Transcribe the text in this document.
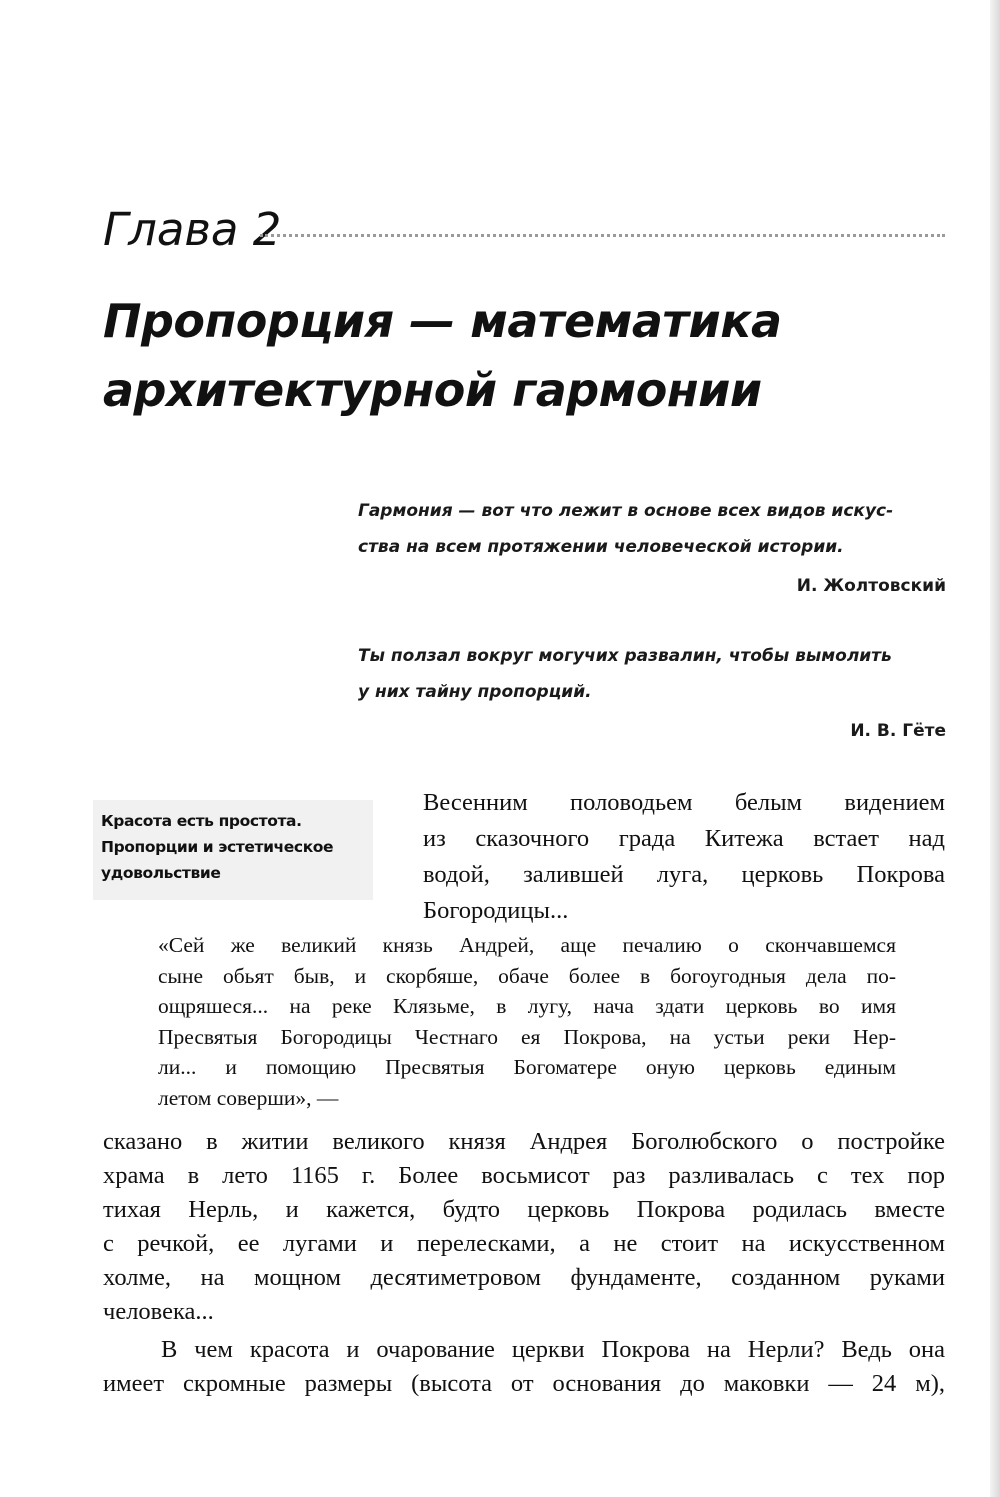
Глава 2
Пропорция — математика
архитектурной гармонии

Гармония — вот что лежит в основе всех видов искус-
ства на всем протяжении человеческой истории.

И. Жолтовский

Ты ползал вокруг могучих развалин, чтобы вымолить
у них тайну пропорций.

И. В. Гёте
Красота есть простота.
Пропорции и эстетическое
удовольствие
Весенним половодьем белым видением
из сказочного града Китежа встает над
водой, залившей луга, церковь Покрова
Богородицы...
«Сей же великий князь Андрей, аще печалию о скончавшемся
сыне обьят быв, и скорбяше, обаче более в богоугодныя дела по-
ощряшеся... на реке Клязьме, в лугу, нача здати церковь во имя
Пресвятыя Богородицы Честнаго ея Покрова, на устьи реки Нер-
ли... и помощию Пресвятыя Богоматере оную церковь единым
летом соверши», —
сказано в житии великого князя Андрея Боголюбского о постройке
храма в лето 1165 г. Более восьмисот раз разливалась с тех пор
тихая Нерль, и кажется, будто церковь Покрова родилась вместе
с речкой, ее лугами и перелесками, а не стоит на искусственном
холме, на мощном десятиметровом фундаменте, созданном руками
человека...
В чем красота и очарование церкви Покрова на Нерли? Ведь она
имеет скромные размеры (высота от основания до маковки — 24 м),
